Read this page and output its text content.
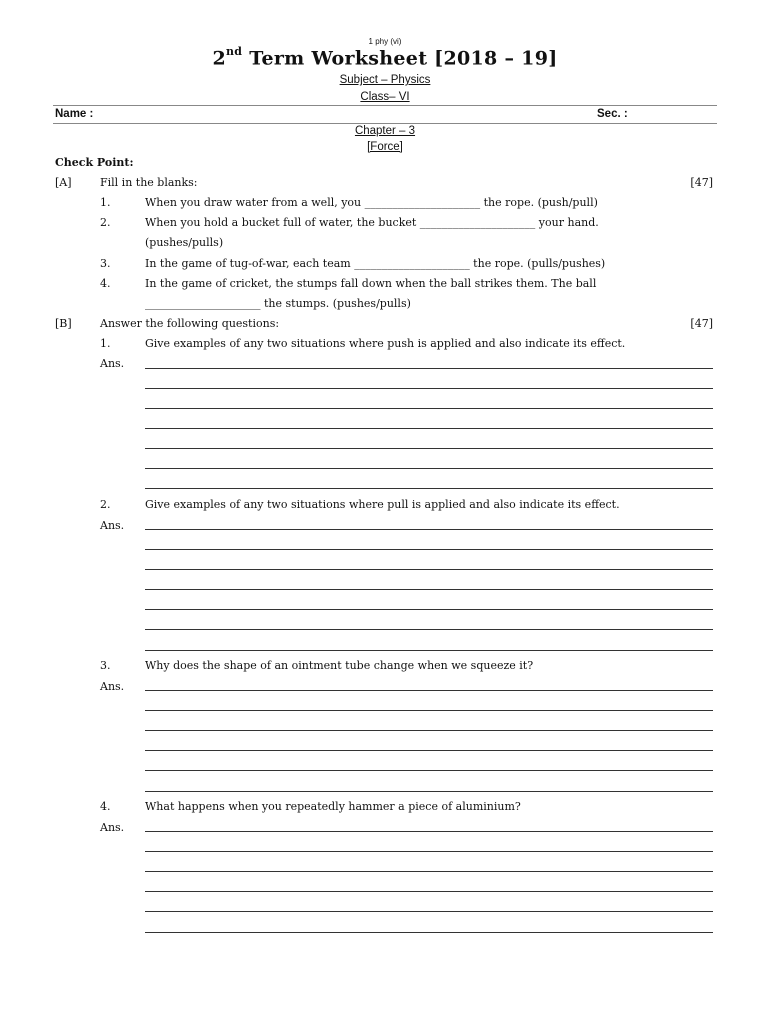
1 phy (vi)
2nd Term Worksheet [2018 – 19]
Subject – Physics
Class– VI
Name :	Sec. :
Chapter – 3
[Force]
Check Point:
[A]	Fill in the blanks:	[47]
1.	When you draw water from a well, you _____________________ the rope. (push/pull)
2.	When you hold a bucket full of water, the bucket _____________________ your hand.
(pushes/pulls)
3.	In the game of tug-of-war, each team _____________________ the rope. (pulls/pushes)
4.	In the game of cricket, the stumps fall down when the ball strikes them. The ball
_____________________ the stumps. (pushes/pulls)
[B]	Answer the following questions:	[47]
1.	Give examples of any two situations where push is applied and also indicate its effect.
Ans.
2.	Give examples of any two situations where pull is applied and also indicate its effect.
Ans.
3.	Why does the shape of an ointment tube change when we squeeze it?
Ans.
4.	What happens when you repeatedly hammer a piece of aluminium?
Ans.
